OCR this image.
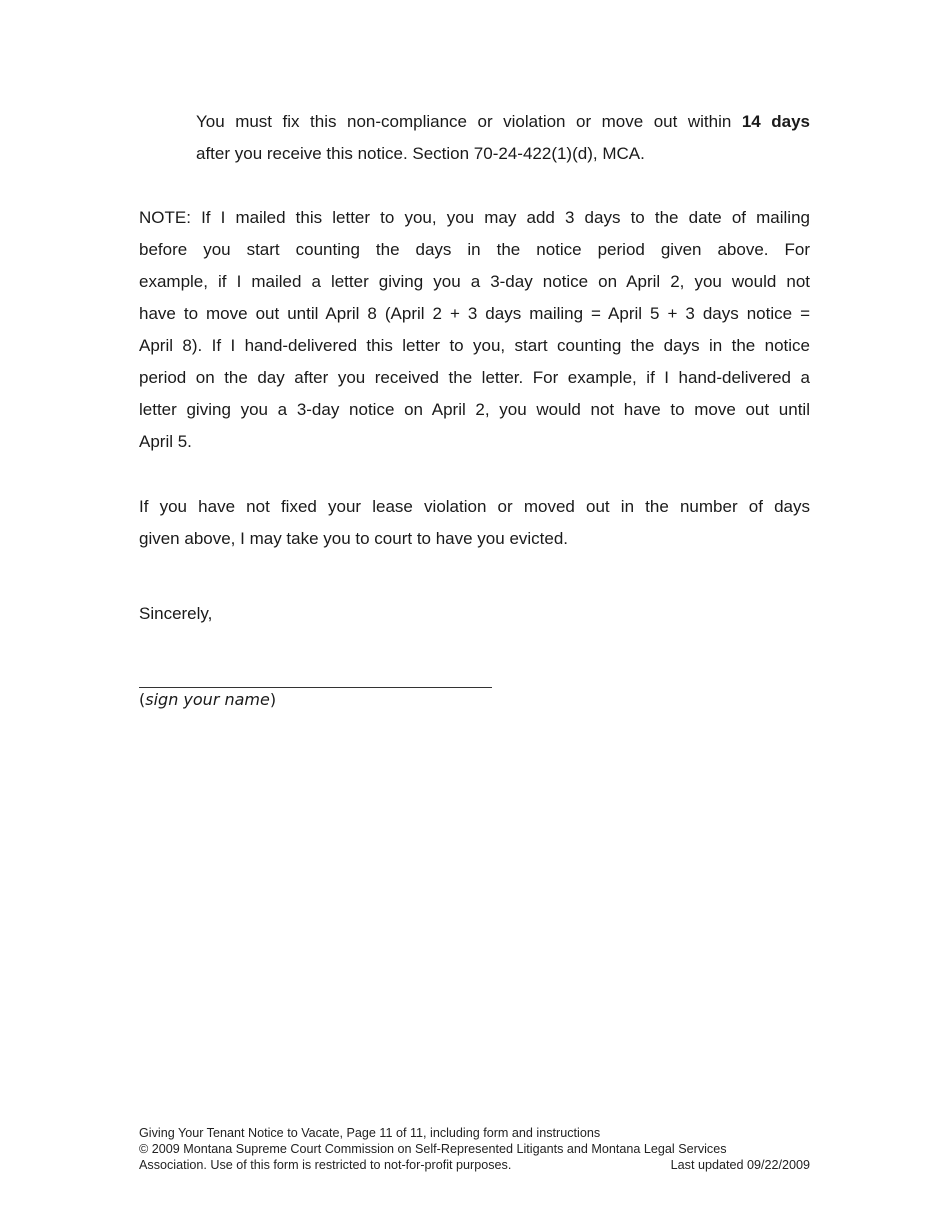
You must fix this non-compliance or violation or move out within 14 days
after you receive this notice. Section 70-24-422(1)(d), MCA.
NOTE: If I mailed this letter to you, you may add 3 days to the date of mailing
before you start counting the days in the notice period given above. For
example, if I mailed a letter giving you a 3-day notice on April 2, you would not
have to move out until April 8 (April 2 + 3 days mailing = April 5 + 3 days notice =
April 8). If I hand-delivered this letter to you, start counting the days in the notice
period on the day after you received the letter. For example, if I hand-delivered a
letter giving you a 3-day notice on April 2, you would not have to move out until
April 5.
If you have not fixed your lease violation or moved out in the number of days
given above, I may take you to court to have you evicted.
Sincerely,
(sign your name)
Giving Your Tenant Notice to Vacate, Page 11 of 11, including form and instructions
© 2009 Montana Supreme Court Commission on Self-Represented Litigants and Montana Legal Services
Association. Use of this form is restricted to not-for-profit purposes.	Last updated 09/22/2009
